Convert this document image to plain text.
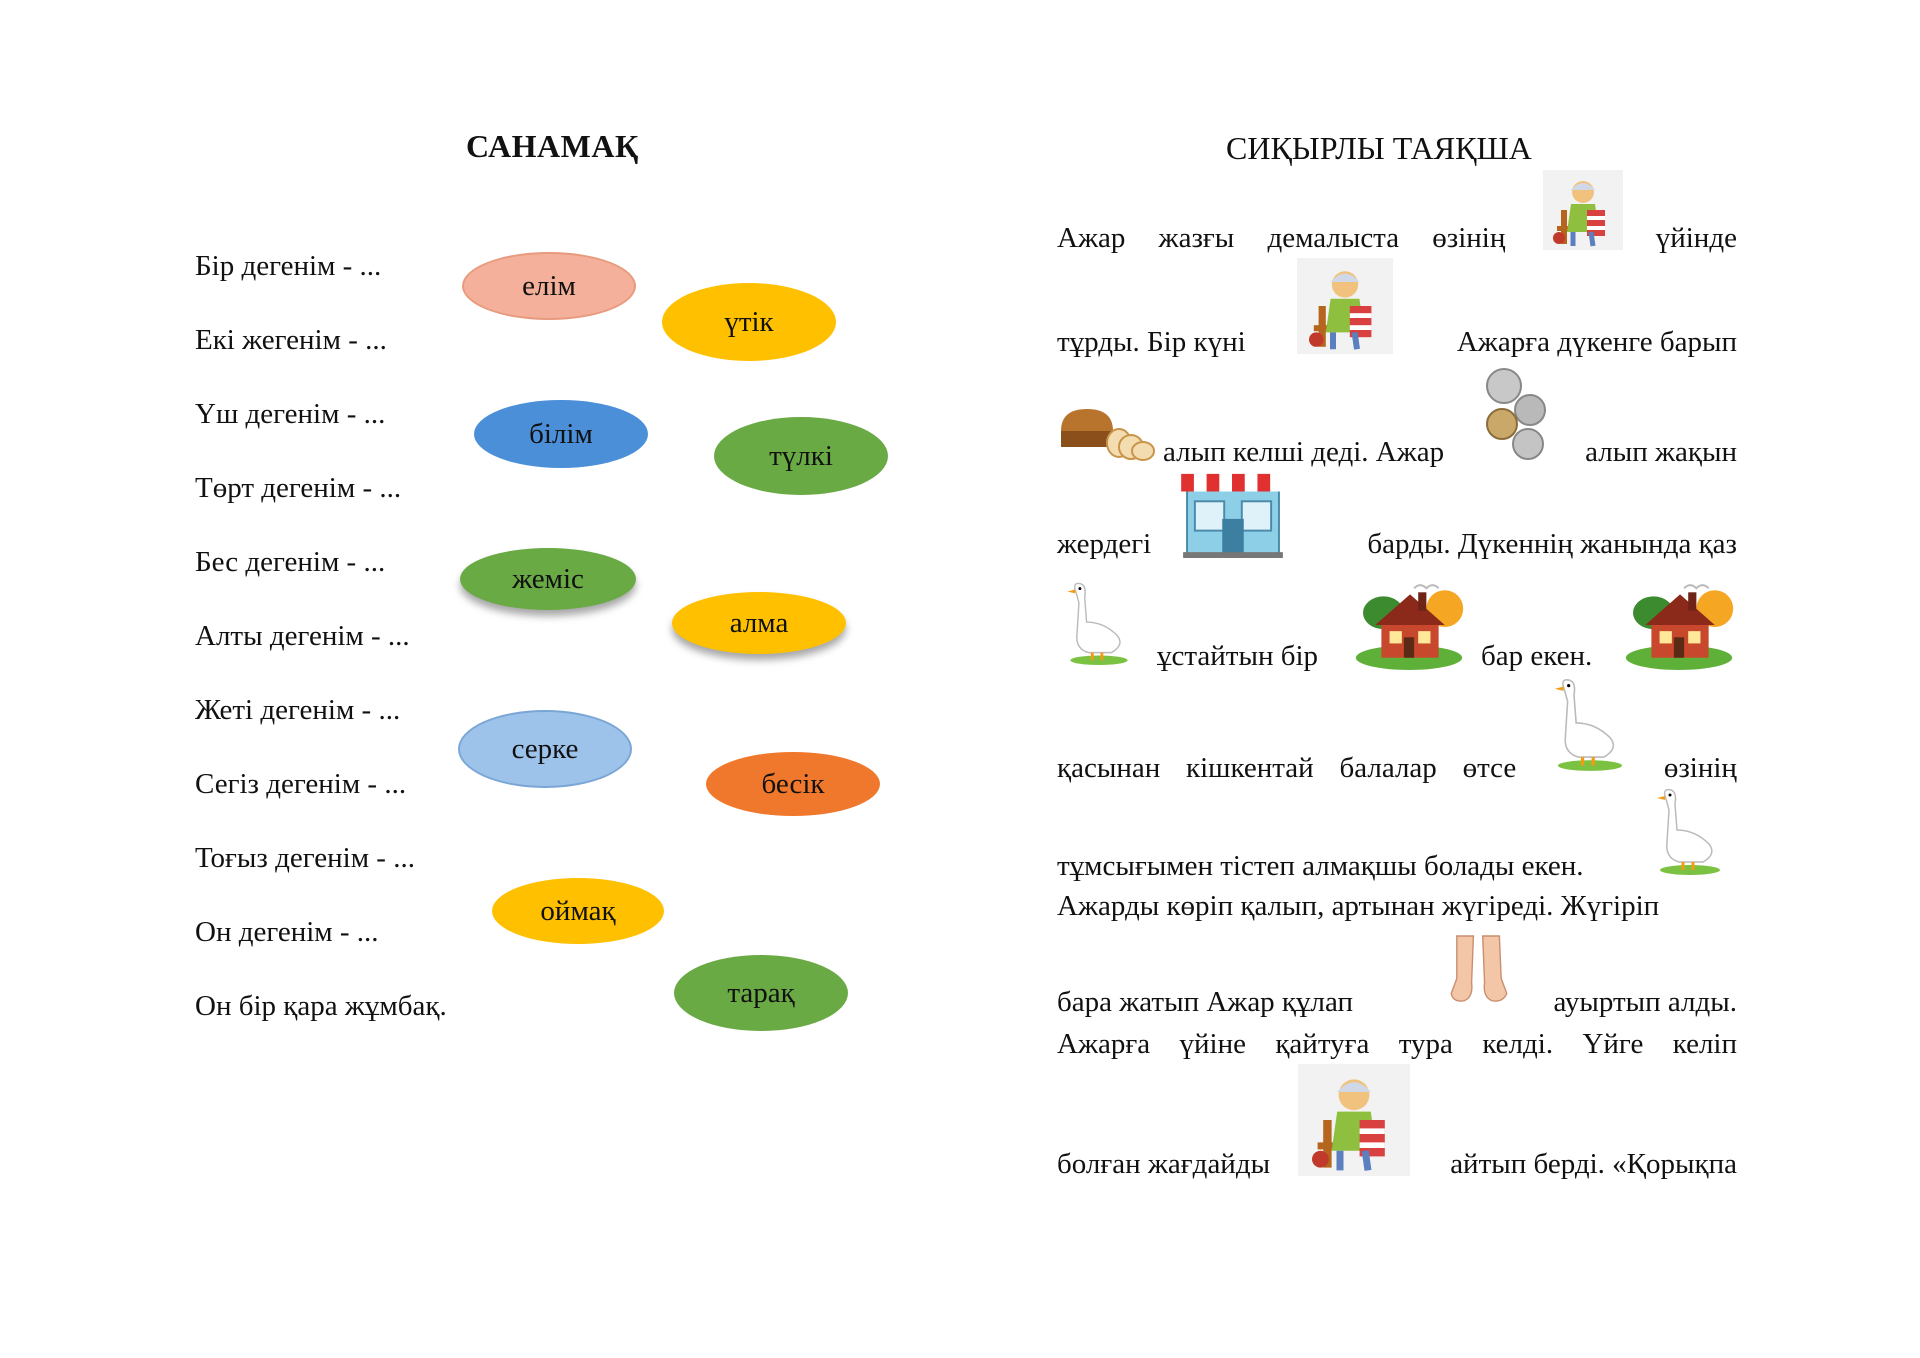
САНАМАҚ
Бір дегенім - ...
Екі жегенім - ...
Үш дегенім - ...
Төрт дегенім - ...
Бес дегенім - ...
Алты дегенім - ...
Жеті дегенім - ...
Сегіз дегенім - ...
Тоғыз дегенім - ...
Он дегенім - ...
Он бір қара жұмбақ.
елім
үтік
білім
түлкі
жеміс
алма
серке
бесік
оймақ
тарақ
СИҚЫРЛЫ ТАЯҚША
Ажар жазғы демалыста өзінің	үйінде
тұрды. Бір күні	Ажарға дүкенге барып
алып келші деді. Ажар	алып жақын
жердегі	барды. Дүкеннің жанында қаз
ұстайтын бір	бар екен.
қасынан кішкентай балалар өтсе	өзінің
тұмсығымен тістеп алмақшы болады екен.
Ажарды көріп қалып, артынан жүгіреді. Жүгіріп
бара жатып Ажар құлап	ауыртып алды.
Ажарға үйіне қайтуға тура келді. Үйге келіп
болған жағдайды	айтып берді. «Қорықпа
